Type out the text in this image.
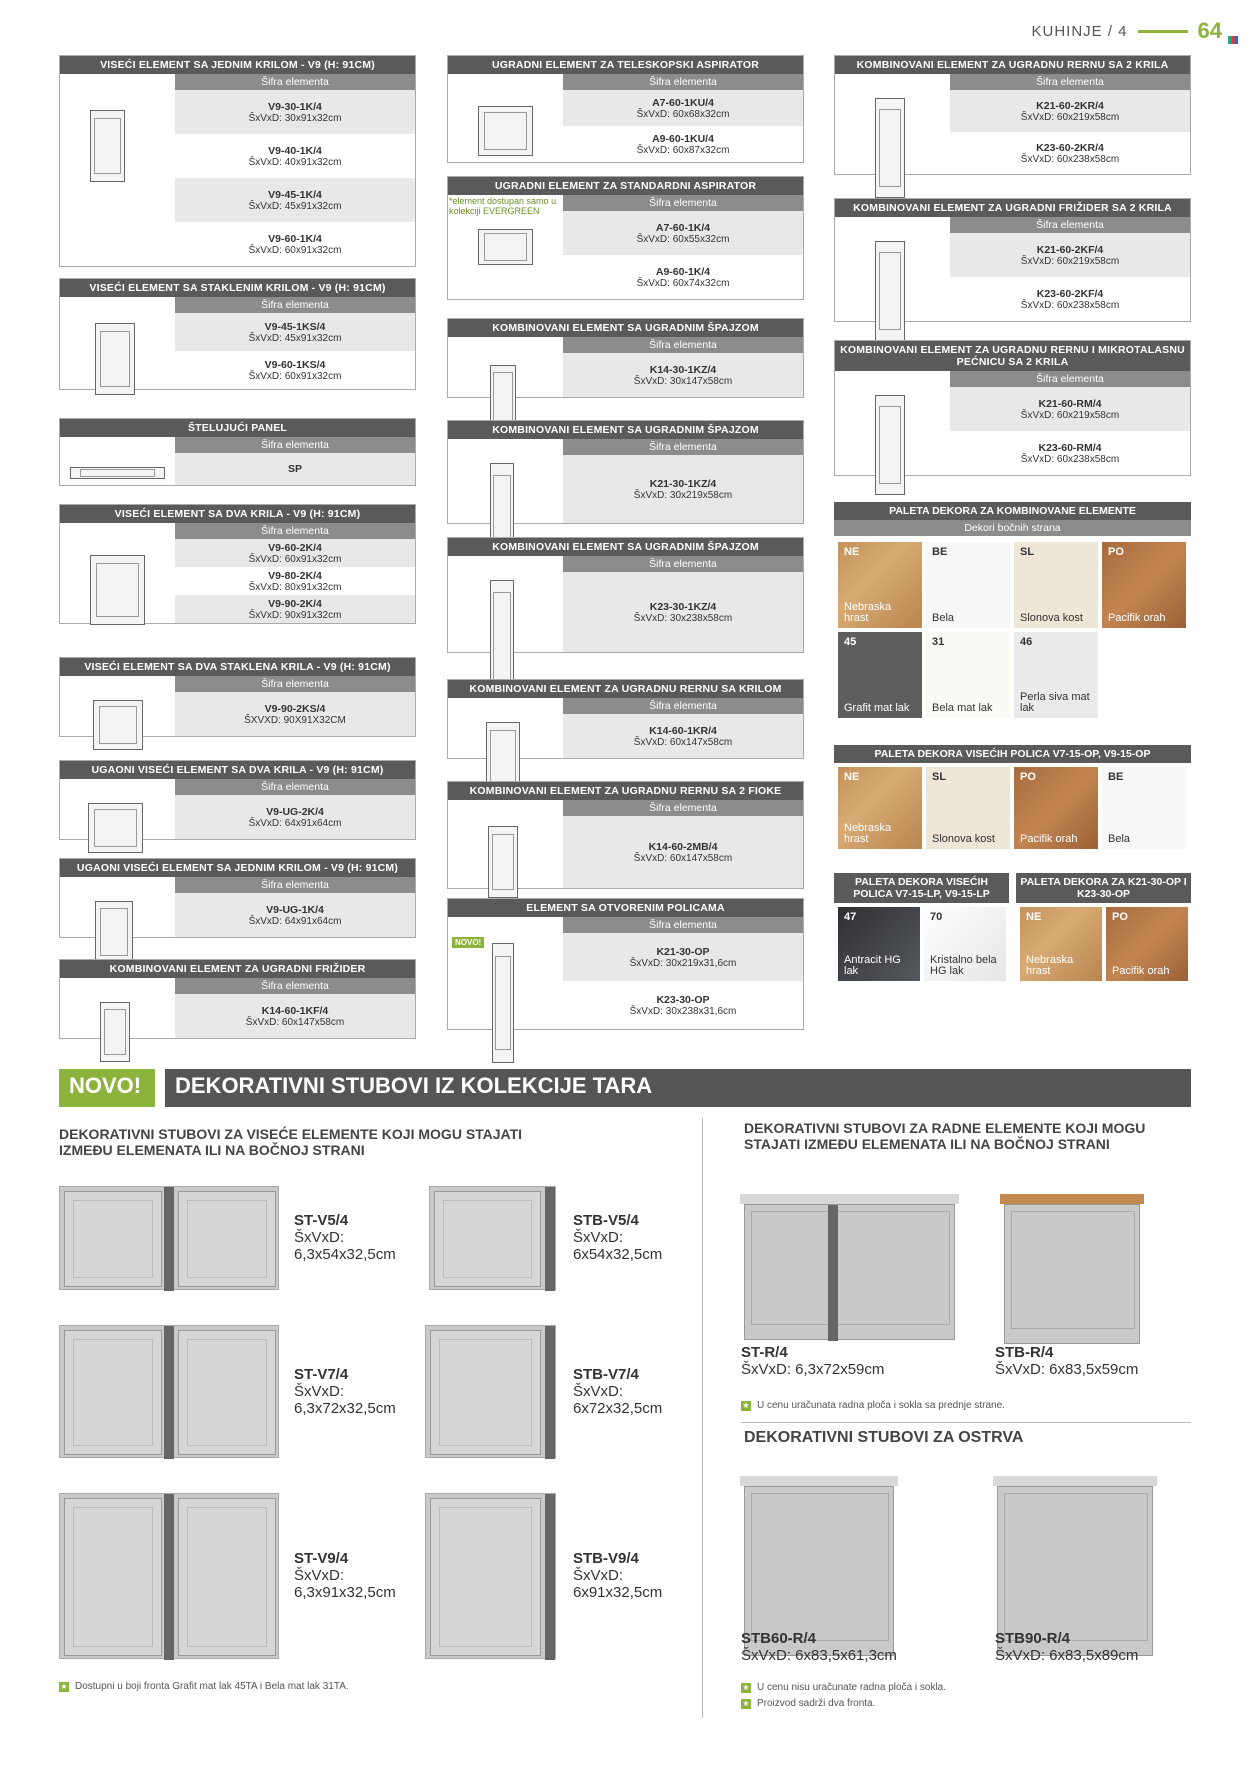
KUHINJE / 4	64
VISEĆI ELEMENT SA JEDNIM KRILOM - V9 (H: 91CM)
Šifra elementa
V9-30-1K/4
ŠxVxD: 30x91x32cm
V9-40-1K/4
ŠxVxD: 40x91x32cm
V9-45-1K/4
ŠxVxD: 45x91x32cm
V9-60-1K/4
ŠxVxD: 60x91x32cm
VISEĆI ELEMENT SA STAKLENIM KRILOM - V9 (H: 91CM)
Šifra elementa
V9-45-1KS/4
ŠxVxD: 45x91x32cm
V9-60-1KS/4
ŠxVxD: 60x91x32cm
ŠTELUJUĆI PANEL
Šifra elementa
SP
VISEĆI ELEMENT SA DVA KRILA - V9 (H: 91CM)
Šifra elementa
V9-60-2K/4
ŠxVxD: 60x91x32cm
V9-80-2K/4
ŠxVxD: 80x91x32cm
V9-90-2K/4
ŠxVxD: 90x91x32cm
VISEĆI ELEMENT SA DVA STAKLENA KRILA - V9 (H: 91CM)
Šifra elementa
V9-90-2KS/4
ŠXVXD: 90X91X32CM
UGAONI VISEĆI ELEMENT SA DVA KRILA - V9 (H: 91CM)
Šifra elementa
V9-UG-2K/4
ŠxVxD: 64x91x64cm
UGAONI VISEĆI ELEMENT SA JEDNIM KRILOM - V9 (H: 91CM)
Šifra elementa
V9-UG-1K/4
ŠxVxD: 64x91x64cm
KOMBINOVANI ELEMENT ZA UGRADNI FRIŽIDER
Šifra elementa
K14-60-1KF/4
ŠxVxD: 60x147x58cm
UGRADNI ELEMENT ZA TELESKOPSKI ASPIRATOR
Šifra elementa
A7-60-1KU/4
ŠxVxD: 60x68x32cm
A9-60-1KU/4
ŠxVxD: 60x87x32cm
UGRADNI ELEMENT ZA STANDARDNI ASPIRATOR
Šifra elementa
A7-60-1K/4
ŠxVxD: 60x55x32cm
A9-60-1K/4
ŠxVxD: 60x74x32cm
*element dostupan samo u kolekciji EVERGREEN
KOMBINOVANI ELEMENT SA UGRADNIM ŠPAJZOM
Šifra elementa
K14-30-1KZ/4
ŠxVxD: 30x147x58cm
KOMBINOVANI ELEMENT SA UGRADNIM ŠPAJZOM
Šifra elementa
K21-30-1KZ/4
ŠxVxD: 30x219x58cm
KOMBINOVANI ELEMENT SA UGRADNIM ŠPAJZOM
Šifra elementa
K23-30-1KZ/4
ŠxVxD: 30x238x58cm
KOMBINOVANI ELEMENT ZA UGRADNU RERNU SA KRILOM
Šifra elementa
K14-60-1KR/4
ŠxVxD: 60x147x58cm
KOMBINOVANI ELEMENT ZA UGRADNU RERNU SA 2 FIOKE
Šifra elementa
K14-60-2MB/4
ŠxVxD: 60x147x58cm
ELEMENT SA OTVORENIM POLICAMA
Šifra elementa
NOVO!
K21-30-OP
ŠxVxD: 30x219x31,6cm
K23-30-OP
ŠxVxD: 30x238x31,6cm
KOMBINOVANI ELEMENT ZA UGRADNU RERNU SA 2 KRILA
Šifra elementa
K21-60-2KR/4
ŠxVxD: 60x219x58cm
K23-60-2KR/4
ŠxVxD: 60x238x58cm
KOMBINOVANI ELEMENT ZA UGRADNI FRIŽIDER SA 2 KRILA
Šifra elementa
K21-60-2KF/4
ŠxVxD: 60x219x58cm
K23-60-2KF/4
ŠxVxD: 60x238x58cm
KOMBINOVANI ELEMENT ZA UGRADNU RERNU I MIKROTALASNU PEĆNICU SA 2 KRILA
Šifra elementa
K21-60-RM/4
ŠxVxD: 60x219x58cm
K23-60-RM/4
ŠxVxD: 60x238x58cm
PALETA DEKORA ZA KOMBINOVANE ELEMENTE
Dekori bočnih strana
NE
Nebraska hrast
BE
Bela
SL
Slonova kost
PO
Pacifik orah
45
Grafit mat lak
31
Bela mat lak
46
Perla siva mat lak
PALETA DEKORA VISEĆIH POLICA V7-15-OP, V9-15-OP
NE
Nebraska hrast
SL
Slonova kost
PO
Pacifik orah
BE
Bela
PALETA DEKORA VISEĆIH POLICA V7-15-LP, V9-15-LP
47
Antracit HG lak
70
Kristalno bela HG lak
PALETA DEKORA ZA K21-30-OP I K23-30-OP
NE
Nebraska hrast
PO
Pacifik orah
NOVO!	DEKORATIVNI STUBOVI IZ KOLEKCIJE TARA
DEKORATIVNI STUBOVI ZA VISEĆE ELEMENTE KOJI MOGU STAJATI IZMEĐU ELEMENATA ILI NA BOČNOJ STRANI
DEKORATIVNI STUBOVI ZA RADNE ELEMENTE KOJI MOGU STAJATI IZMEĐU ELEMENATA ILI NA BOČNOJ STRANI
ST-V5/4
ŠxVxD:
6,3x54x32,5cm
STB-V5/4
ŠxVxD:
6x54x32,5cm
ST-V7/4
ŠxVxD:
6,3x72x32,5cm
STB-V7/4
ŠxVxD:
6x72x32,5cm
ST-V9/4
ŠxVxD:
6,3x91x32,5cm
STB-V9/4
ŠxVxD:
6x91x32,5cm
ST-R/4
ŠxVxD: 6,3x72x59cm
STB-R/4
ŠxVxD: 6x83,5x59cm
STB60-R/4
ŠxVxD: 6x83,5x61,3cm
STB90-R/4
ŠxVxD: 6x83,5x89cm
★ U cenu uračunata radna ploča i sokla sa prednje strane.
★ U cenu nisu uračunate radna ploča i sokla.
★ Proizvod sadrži dva fronta.
DEKORATIVNI STUBOVI ZA OSTRVA
★ Dostupni u boji fronta Grafit mat lak 45TA i Bela mat lak 31TA.
